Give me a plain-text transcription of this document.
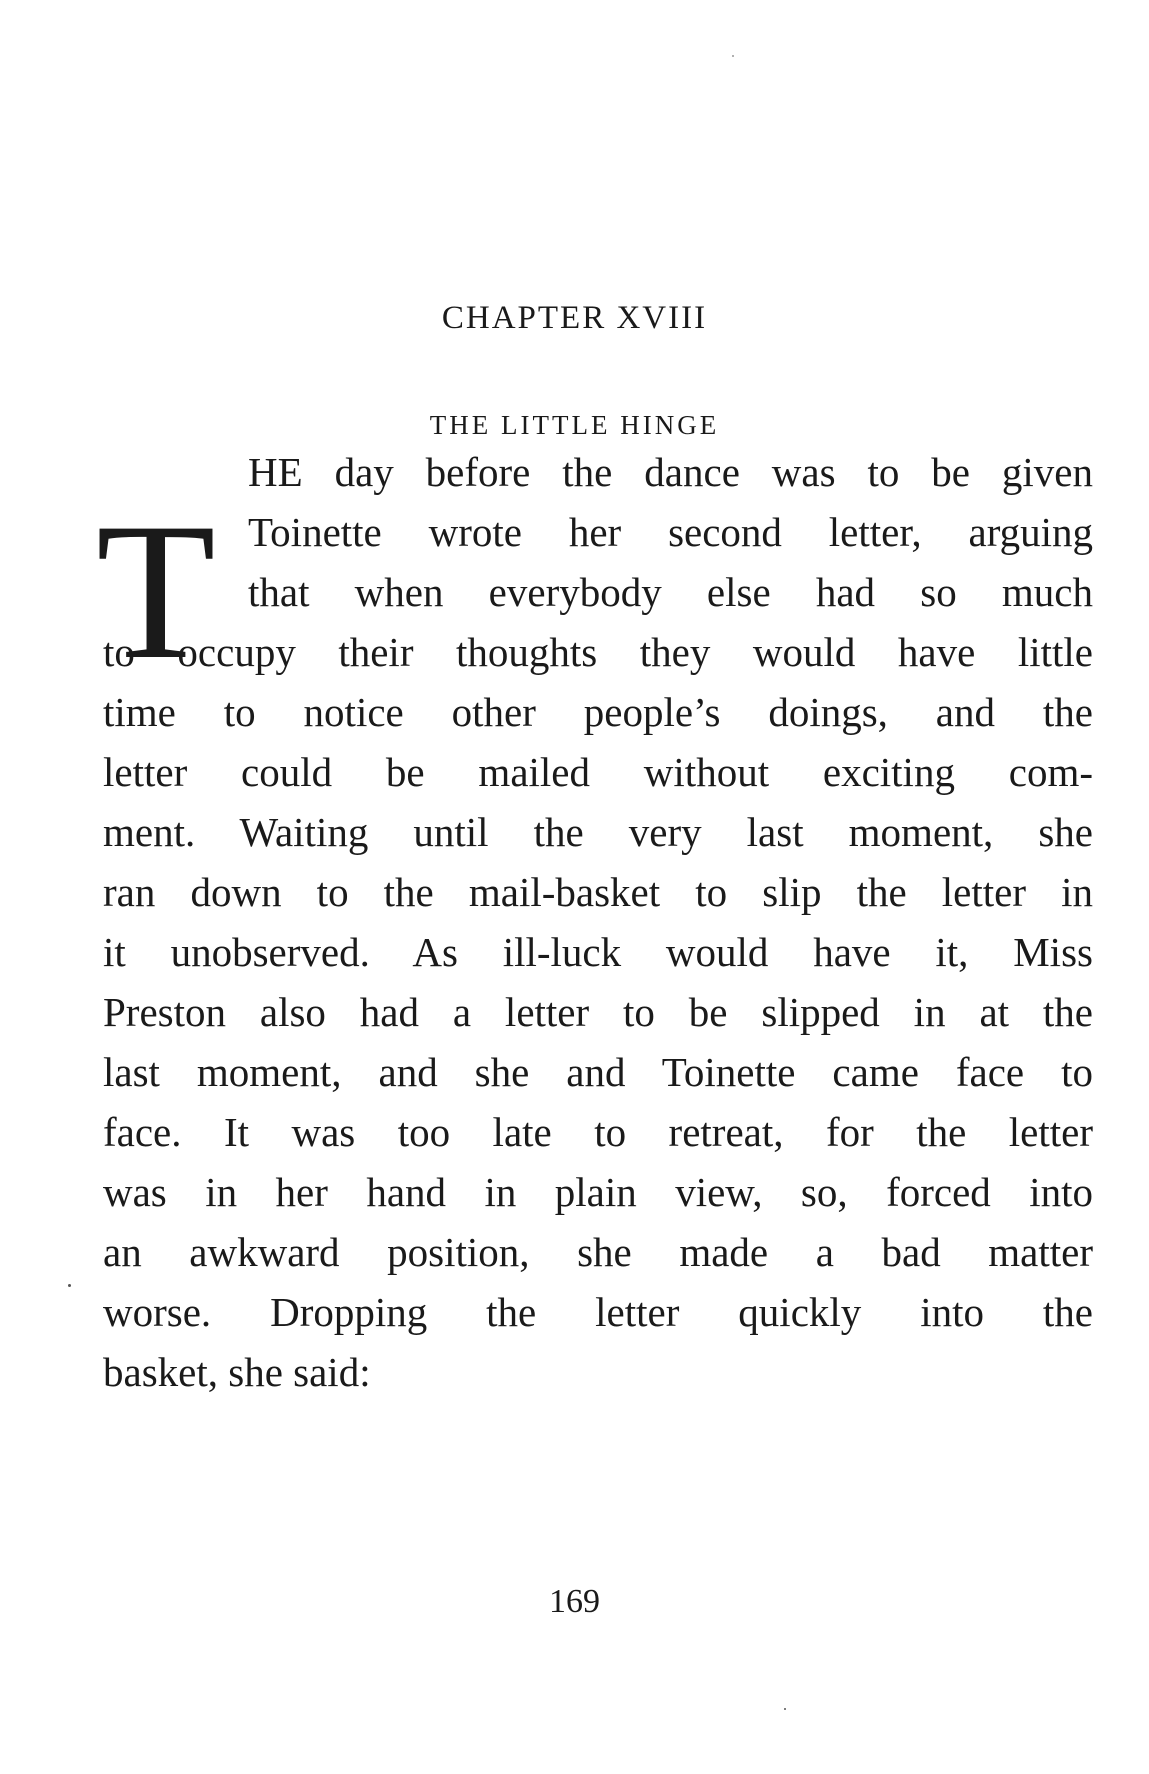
CHAPTER XVIII
THE LITTLE HINGE
T
HE day before the dance was to be given
Toinette wrote her second letter, arguing
that when everybody else had so much
to occupy their thoughts they would have little
time to notice other people’s doings, and the
letter could be mailed without exciting com-
ment. Waiting until the very last moment, she
ran down to the mail-basket to slip the letter in
it unobserved. As ill-luck would have it, Miss
Preston also had a letter to be slipped in at the
last moment, and she and Toinette came face to
face. It was too late to retreat, for the letter
was in her hand in plain view, so, forced into
an awkward position, she made a bad matter
worse. Dropping the letter quickly into the
basket, she said:
169
